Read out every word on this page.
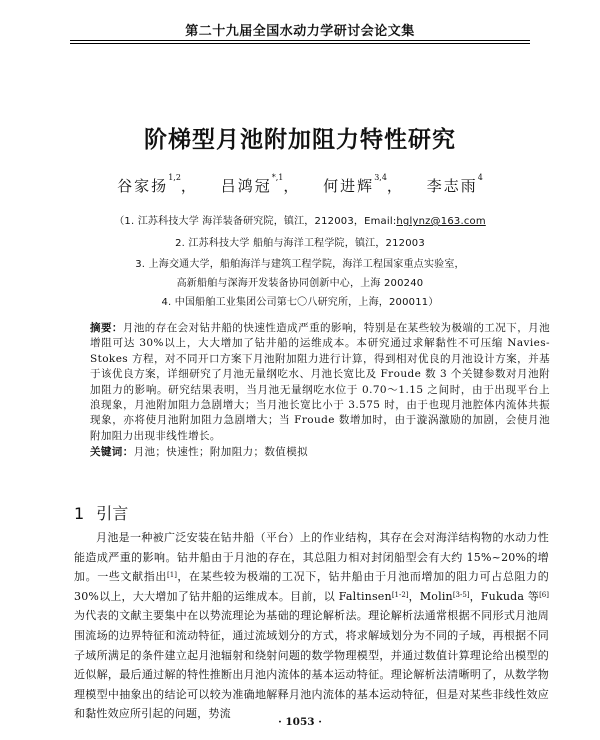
第二十九届全国水动力学研讨会论文集
阶梯型月池附加阻力特性研究
谷家扬$^{1,2}$， 吕鸿冠$^{*,1}$， 何进辉$^{3,4}$， 李志雨$^4$
（1. 江苏科技大学 海洋装备研究院，镇江，212003，Email:hglynz@163.com
2. 江苏科技大学 船舶与海洋工程学院，镇江，212003
3. 上海交通大学，船舶海洋与建筑工程学院，海洋工程国家重点实验室，
高新船舶与深海开发装备协同创新中心，上海 200240
4. 中国船舶工业集团公司第七〇八研究所，上海，200011）
摘要：月池的存在会对钻井船的快速性造成严重的影响，特别是在某些较为极端的工况下，月池增阻可达 30%以上，大大增加了钻井船的运维成本。本研究通过求解黏性不可压缩 Navies-Stokes 方程，对不同开口方案下月池附加阻力进行计算，得到相对优良的月池设计方案，并基于该优良方案，详细研究了月池无量纲吃水、月池长宽比及 Froude 数 3 个关键参数对月池附加阻力的影响。研究结果表明，当月池无量纲吃水位于 0.70～1.15 之间时，由于出现平台上浪现象，月池附加阻力急剧增大；当月池长宽比小于 3.575 时，由于也现月池腔体内流体共振现象，亦将使月池附加阻力急剧增大；当 Froude 数增加时，由于漩涡激励的加剧，会使月池附加阻力出现非线性增长。
关键词：月池；快速性；附加阻力；数值模拟
1 引言
月池是一种被广泛安装在钻井船（平台）上的作业结构，其存在会对海洋结构物的水动力性能造成严重的影响。钻井船由于月池的存在，其总阻力相对封闭船型会有大约 15%~20%的增加。一些文献指出[1]，在某些较为极端的工况下，钻井船由于月池而增加的阻力可占总阻力的 30%以上，大大增加了钻井船的运维成本。目前，以 Faltinsen[1-2]，Molin[3-5]，Fukuda 等[6]为代表的文献主要集中在以势流理论为基础的理论解析法。理论解析法通常根据不同形式月池周围流场的边界特征和流动特征，通过流域划分的方式，将求解域划分为不同的子域，再根据不同子域所满足的条件建立起月池辐射和绕射问题的数学物理模型，并通过数值计算理论给出模型的近似解，最后通过解的特性推断出月池内流体的基本运动特征。理论解析法清晰明了，从数学物理模型中抽象出的结论可以较为准确地解释月池内流体的基本运动特征，但是对某些非线性效应和黏性效应所引起的问题，势流
· 1053 ·
